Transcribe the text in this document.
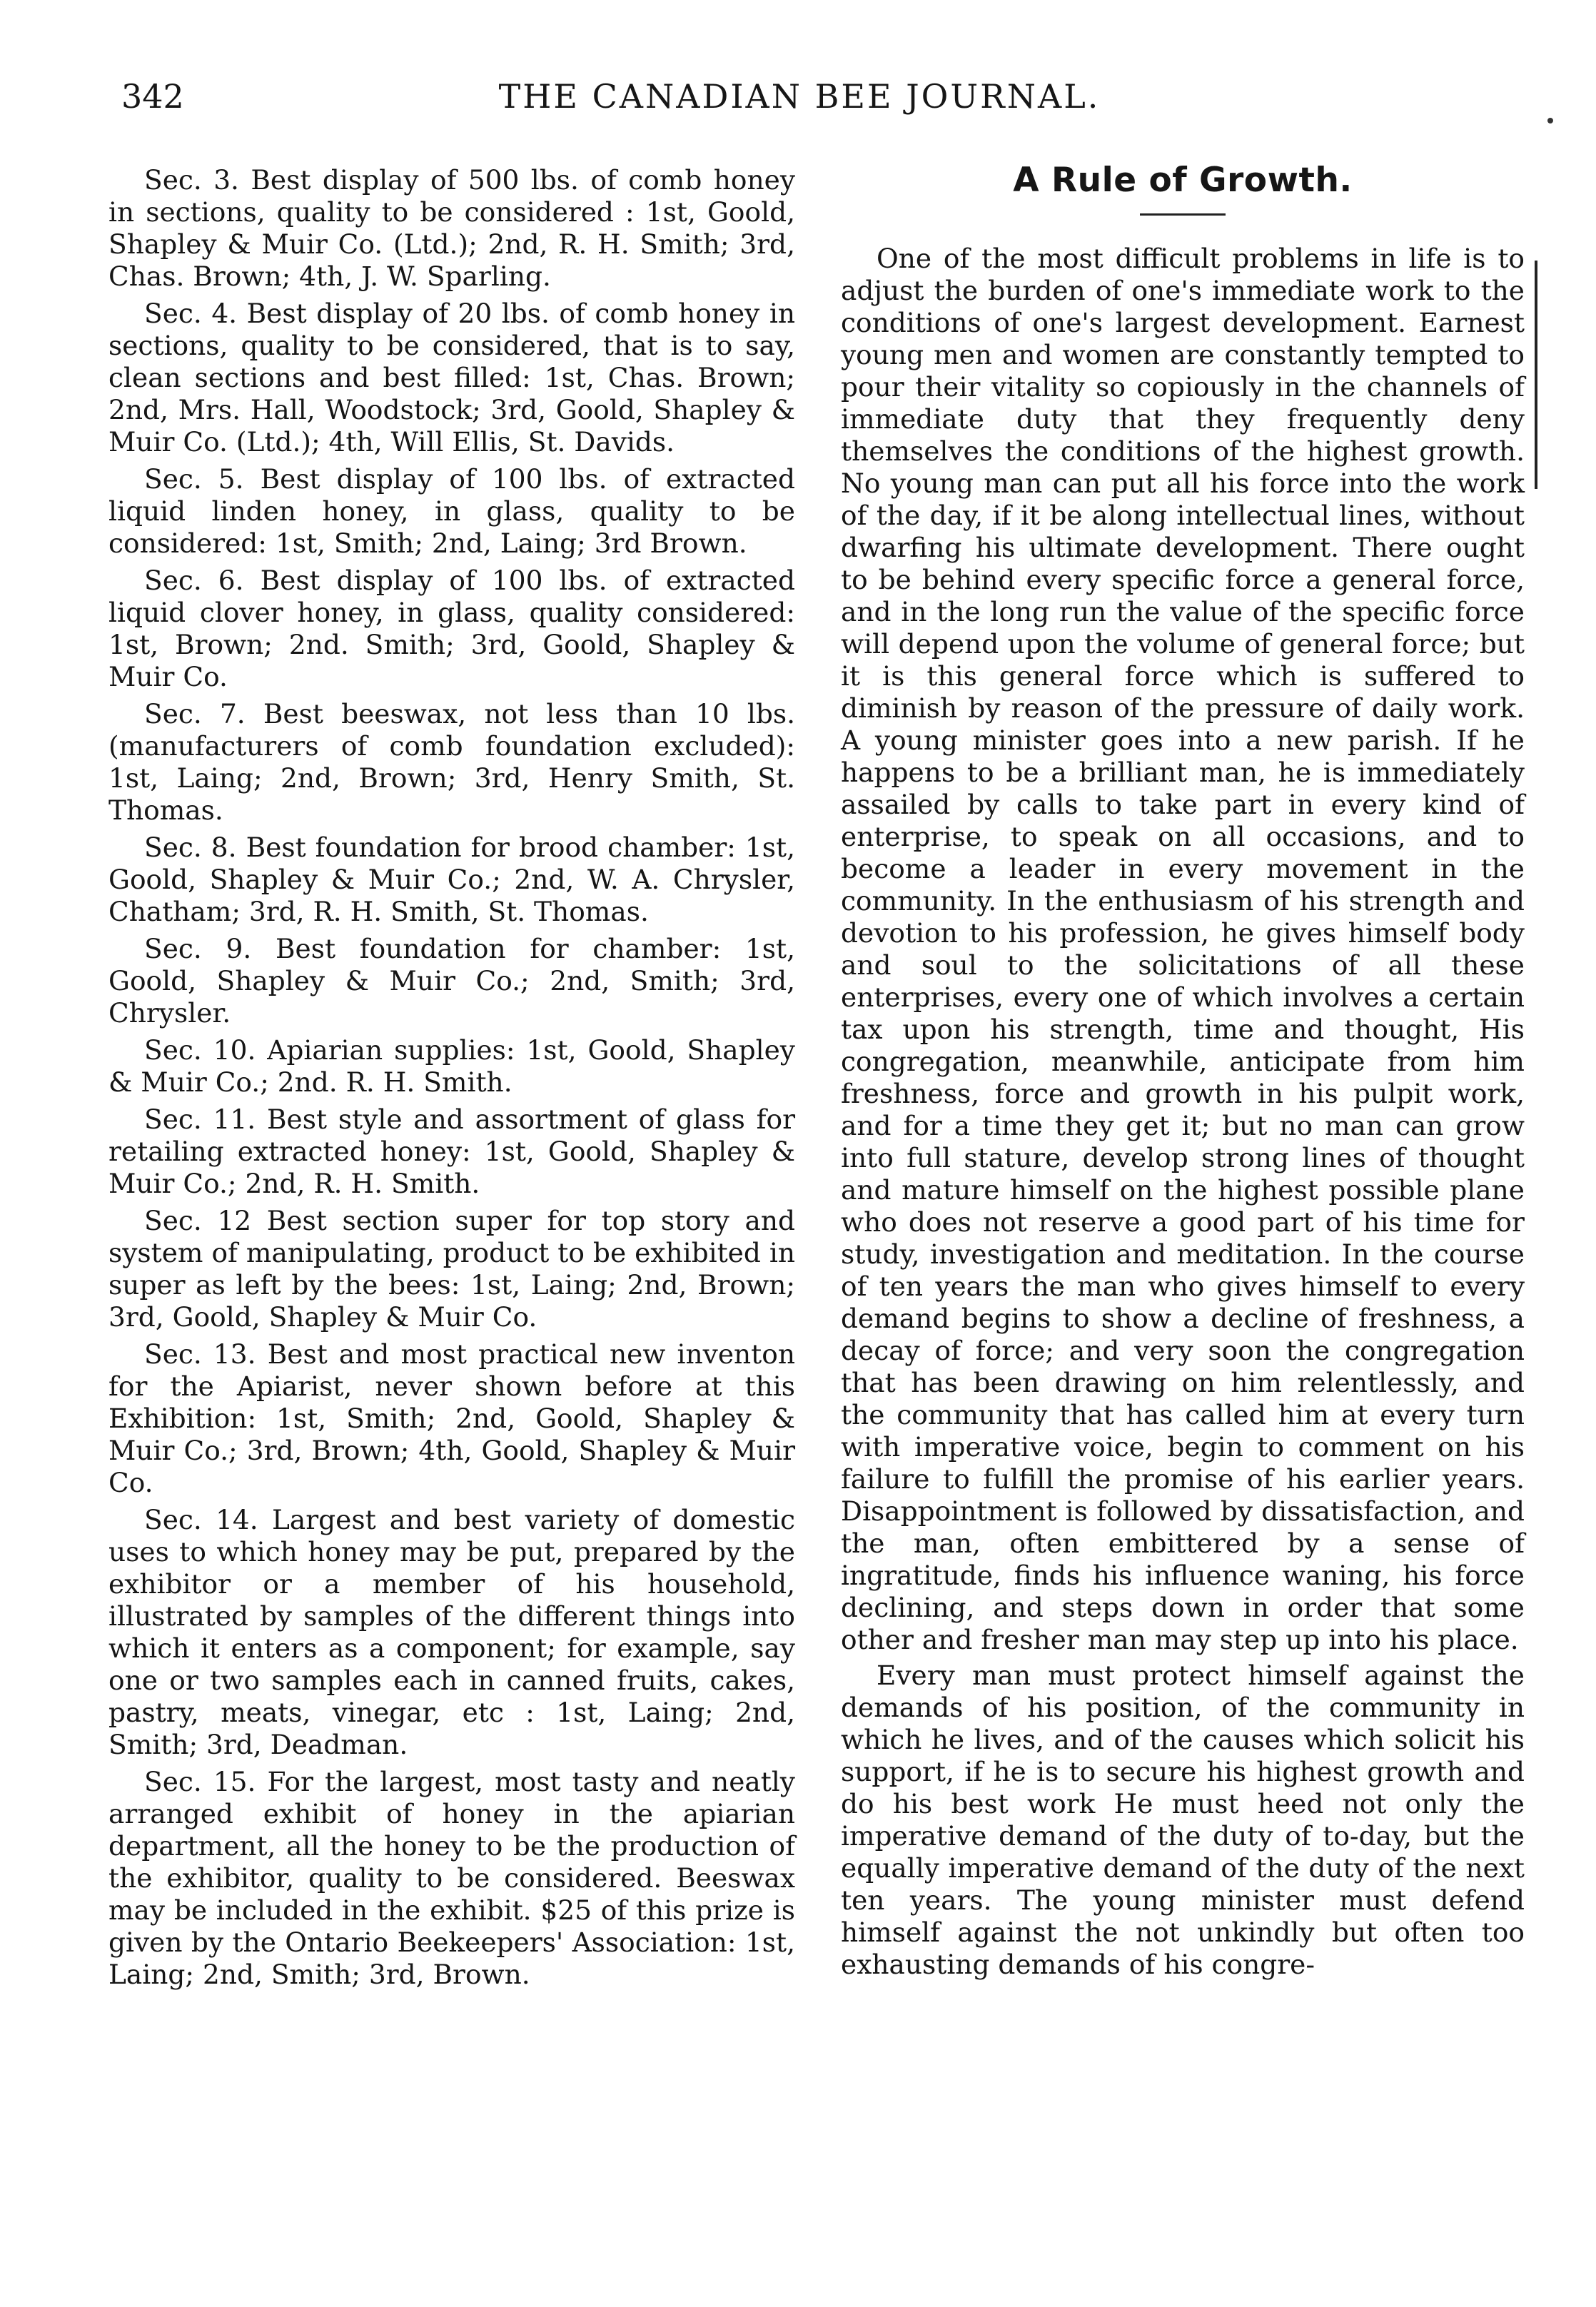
342	THE CANADIAN BEE JOURNAL.

Sec. 3. Best display of 500 lbs. of comb honey in sections, quality to be considered : 1st, Goold, Shapley & Muir Co. (Ltd.); 2nd, R. H. Smith; 3rd, Chas. Brown; 4th, J. W. Sparling.

Sec. 4. Best display of 20 lbs. of comb honey in sections, quality to be considered, that is to say, clean sections and best filled: 1st, Chas. Brown; 2nd, Mrs. Hall, Woodstock; 3rd, Goold, Shapley & Muir Co. (Ltd.); 4th, Will Ellis, St. Davids.

Sec. 5. Best display of 100 lbs. of extracted liquid linden honey, in glass, quality to be considered: 1st, Smith; 2nd, Laing; 3rd Brown.

Sec. 6. Best display of 100 lbs. of extracted liquid clover honey, in glass, quality considered: 1st, Brown; 2nd. Smith; 3rd, Goold, Shapley & Muir Co.

Sec. 7. Best beeswax, not less than 10 lbs. (manufacturers of comb foundation excluded): 1st, Laing; 2nd, Brown; 3rd, Henry Smith, St. Thomas.

Sec. 8. Best foundation for brood chamber: 1st, Goold, Shapley & Muir Co.; 2nd, W. A. Chrysler, Chatham; 3rd, R. H. Smith, St. Thomas.

Sec. 9. Best foundation for chamber: 1st, Goold, Shapley & Muir Co.; 2nd, Smith; 3rd, Chrysler.

Sec. 10. Apiarian supplies: 1st, Goold, Shapley & Muir Co.; 2nd. R. H. Smith.

Sec. 11. Best style and assortment of glass for retailing extracted honey: 1st, Goold, Shapley & Muir Co.; 2nd, R. H. Smith.

Sec. 12 Best section super for top story and system of manipulating, product to be exhibited in super as left by the bees: 1st, Laing; 2nd, Brown; 3rd, Goold, Shapley & Muir Co.

Sec. 13. Best and most practical new inventon for the Apiarist, never shown before at this Exhibition: 1st, Smith; 2nd, Goold, Shapley & Muir Co.; 3rd, Brown; 4th, Goold, Shapley & Muir Co.

Sec. 14. Largest and best variety of domestic uses to which honey may be put, prepared by the exhibitor or a member of his household, illustrated by samples of the different things into which it enters as a component; for example, say one or two samples each in canned fruits, cakes, pastry, meats, vinegar, etc : 1st, Laing; 2nd, Smith; 3rd, Deadman.

Sec. 15. For the largest, most tasty and neatly arranged exhibit of honey in the apiarian department, all the honey to be the production of the exhibitor, quality to be considered. Beeswax may be included in the exhibit. $25 of this prize is given by the Ontario Beekeepers' Association: 1st, Laing; 2nd, Smith; 3rd, Brown.

A Rule of Growth.

One of the most difficult problems in life is to adjust the burden of one's immediate work to the conditions of one's largest development. Earnest young men and women are constantly tempted to pour their vitality so copiously in the channels of immediate duty that they frequently deny themselves the conditions of the highest growth. No young man can put all his force into the work of the day, if it be along intellectual lines, without dwarfing his ultimate development. There ought to be behind every specific force a general force, and in the long run the value of the specific force will depend upon the volume of general force; but it is this general force which is suffered to diminish by reason of the pressure of daily work. A young minister goes into a new parish. If he happens to be a brilliant man, he is immediately assailed by calls to take part in every kind of enterprise, to speak on all occasions, and to become a leader in every movement in the community. In the enthusiasm of his strength and devotion to his profession, he gives himself body and soul to the solicitations of all these enterprises, every one of which involves a certain tax upon his strength, time and thought, His congregation, meanwhile, anticipate from him freshness, force and growth in his pulpit work, and for a time they get it; but no man can grow into full stature, develop strong lines of thought and mature himself on the highest possible plane who does not reserve a good part of his time for study, investigation and meditation. In the course of ten years the man who gives himself to every demand begins to show a decline of freshness, a decay of force; and very soon the congregation that has been drawing on him relentlessly, and the community that has called him at every turn with imperative voice, begin to comment on his failure to fulfill the promise of his earlier years. Disappointment is followed by dissatisfaction, and the man, often embittered by a sense of ingratitude, finds his influence waning, his force declining, and steps down in order that some other and fresher man may step up into his place.

Every man must protect himself against the demands of his position, of the community in which he lives, and of the causes which solicit his support, if he is to secure his highest growth and do his best work He must heed not only the imperative demand of the duty of to-day, but the equally imperative demand of the duty of the next ten years. The young minister must defend himself against the not unkindly but often too exhausting demands of his congre-
